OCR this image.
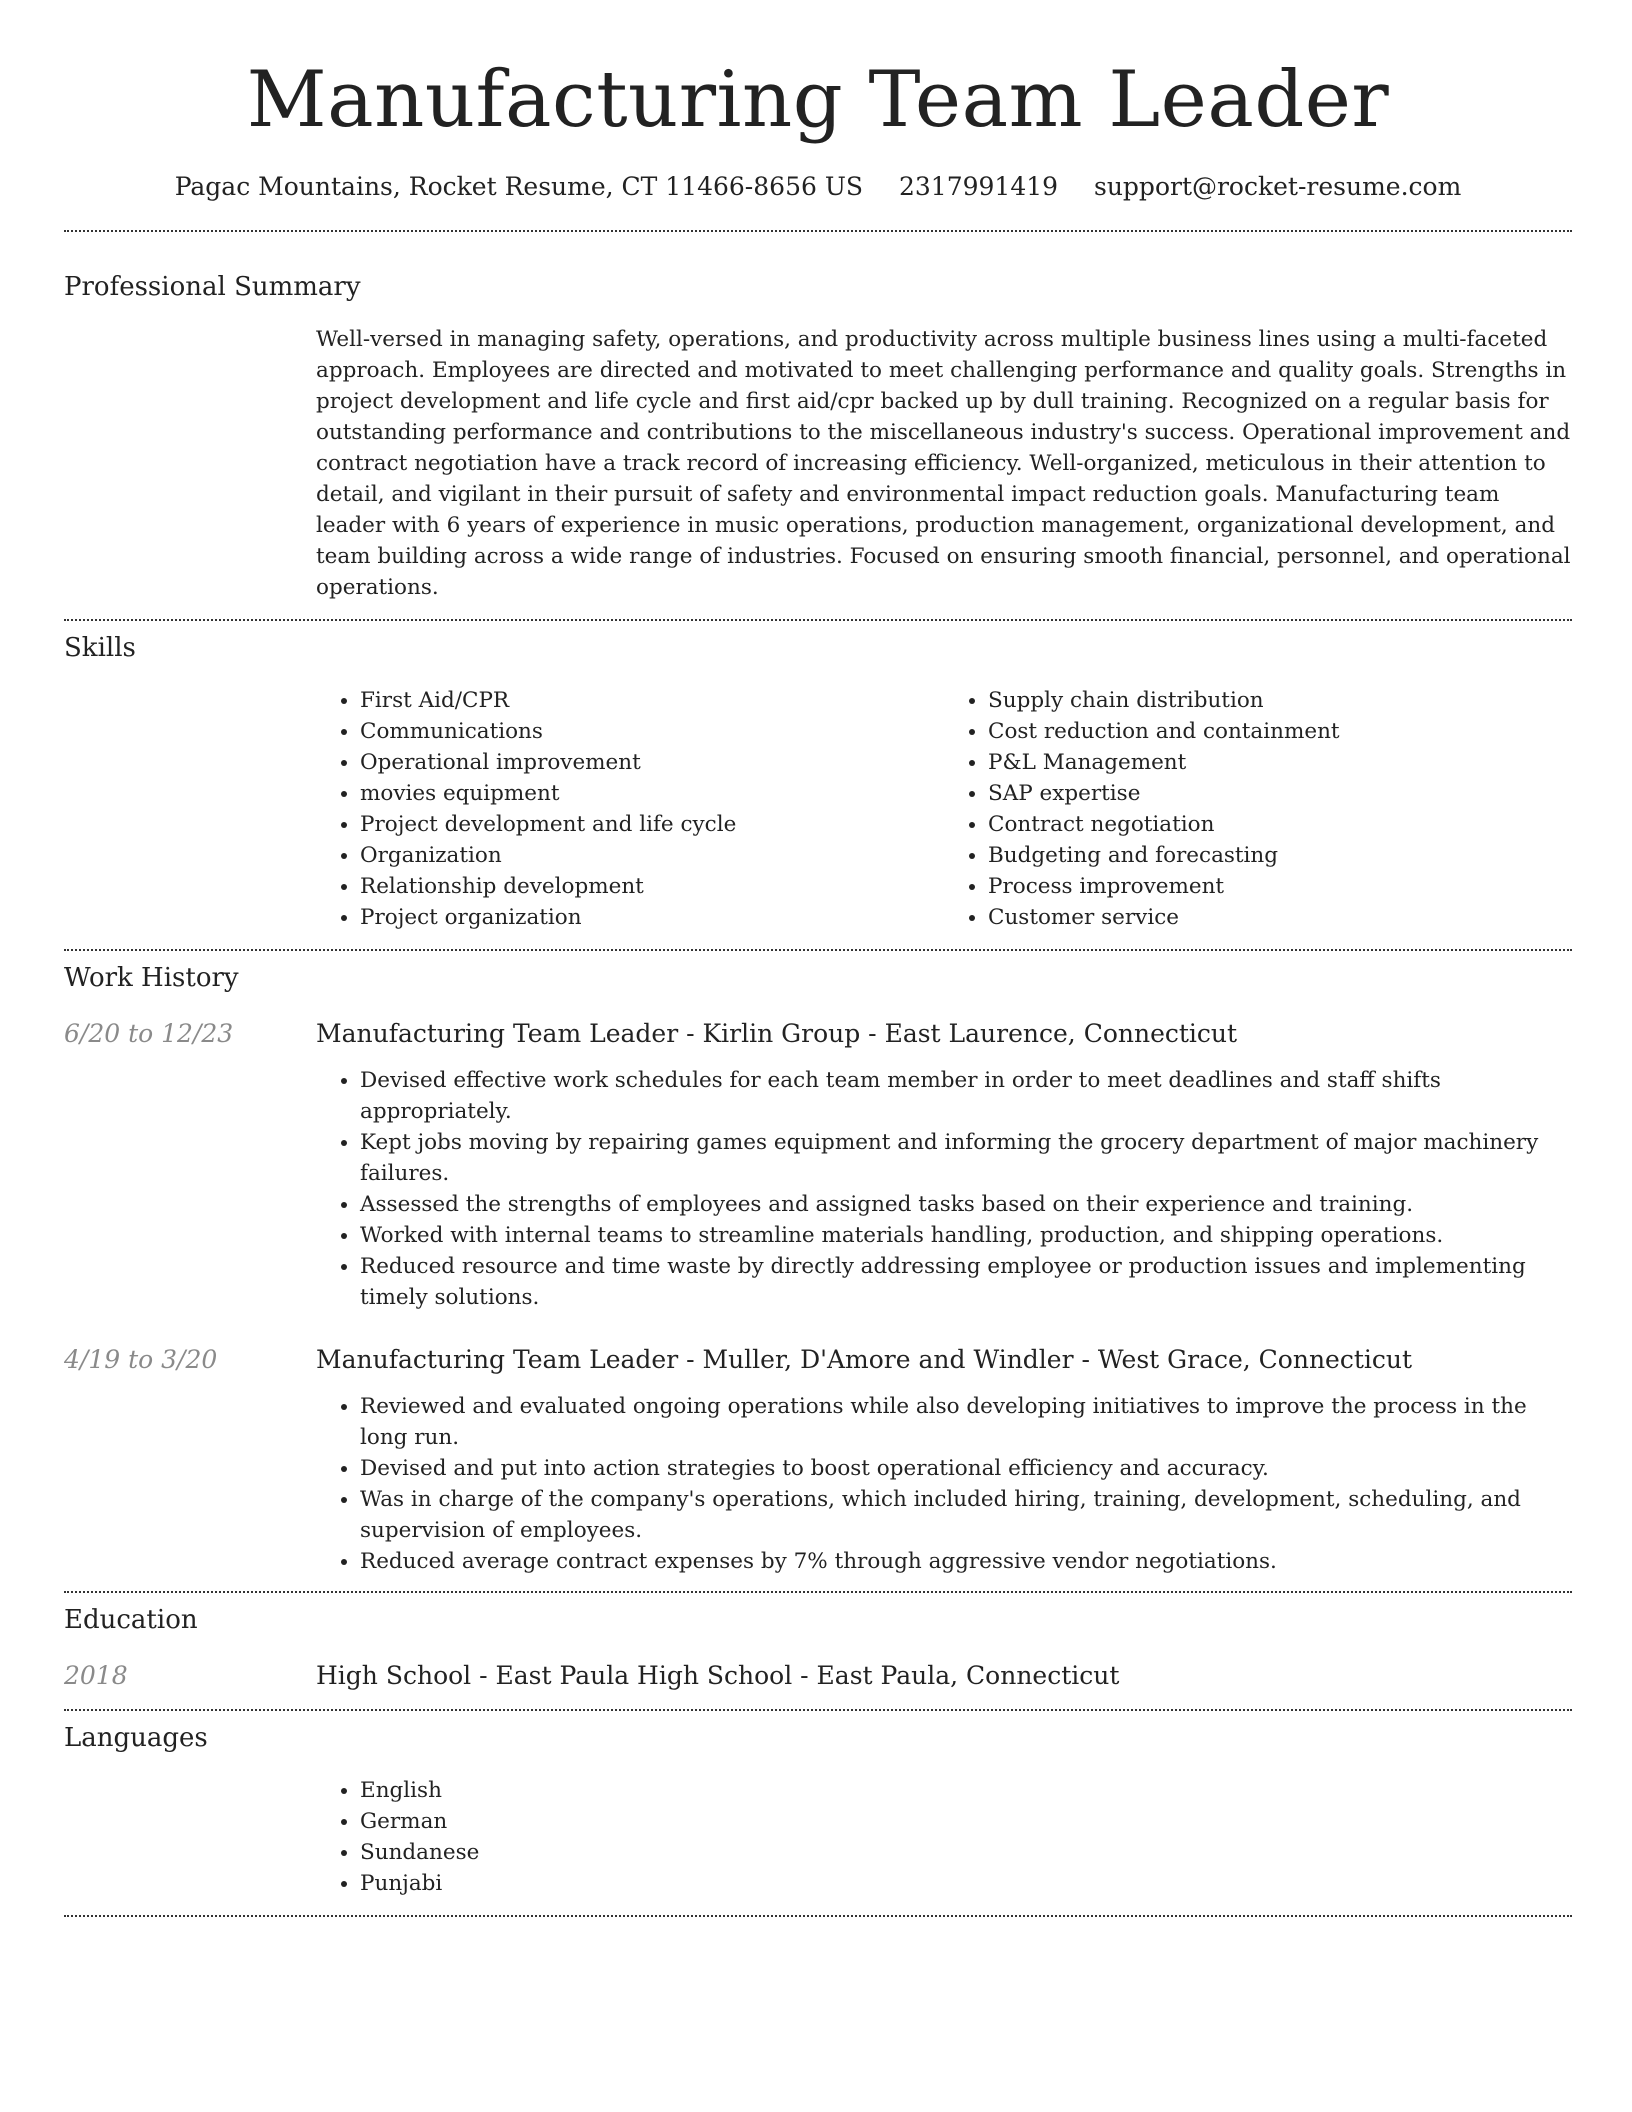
Manufacturing Team Leader
Pagac Mountains, Rocket Resume, CT 11466-8656 US 2317991419 support@rocket-resume.com
Professional Summary

Well-versed in managing safety, operations, and productivity across multiple business lines using a multi-faceted approach. Employees are directed and motivated to meet challenging performance and quality goals. Strengths in project development and life cycle and first aid/cpr backed up by dull training. Recognized on a regular basis for outstanding performance and contributions to the miscellaneous industry's success. Operational improvement and contract negotiation have a track record of increasing efficiency. Well-organized, meticulous in their attention to detail, and vigilant in their pursuit of safety and environmental impact reduction goals. Manufacturing team leader with 6 years of experience in music operations, production management, organizational development, and team building across a wide range of industries. Focused on ensuring smooth financial, personnel, and operational operations.

Skills
• First Aid/CPR
• Communications
• Operational improvement
• movies equipment
• Project development and life cycle
• Organization
• Relationship development
• Project organization
• Supply chain distribution
• Cost reduction and containment
• P&L Management
• SAP expertise
• Contract negotiation
• Budgeting and forecasting
• Process improvement
• Customer service
Work History
6/20 to 12/23	Manufacturing Team Leader - Kirlin Group - East Laurence, Connecticut
• Devised effective work schedules for each team member in order to meet deadlines and staff shifts appropriately.
• Kept jobs moving by repairing games equipment and informing the grocery department of major machinery failures.
• Assessed the strengths of employees and assigned tasks based on their experience and training.
• Worked with internal teams to streamline materials handling, production, and shipping operations.
• Reduced resource and time waste by directly addressing employee or production issues and implementing timely solutions.
4/19 to 3/20	Manufacturing Team Leader - Muller, D'Amore and Windler - West Grace, Connecticut
• Reviewed and evaluated ongoing operations while also developing initiatives to improve the process in the long run.
• Devised and put into action strategies to boost operational efficiency and accuracy.
• Was in charge of the company's operations, which included hiring, training, development, scheduling, and supervision of employees.
• Reduced average contract expenses by 7% through aggressive vendor negotiations.
Education
2018	High School - East Paula High School - East Paula, Connecticut
Languages
• English
• German
• Sundanese
• Punjabi
